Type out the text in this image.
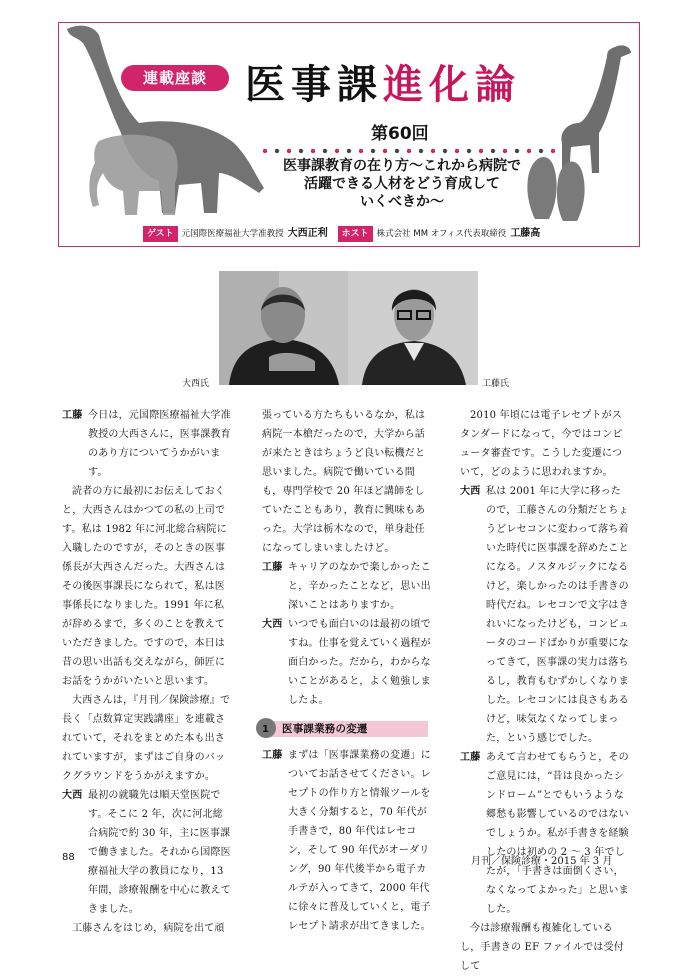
連載座談 医事課進化論
第60回
医事課教育の在り方〜これから病院で
活躍できる人材をどう育成して
いくべきか〜
ゲスト 元国際医療福祉大学准教授 大西正利 ホスト 株式会社 MM オフィス代表取締役 工藤高
大西氏	工藤氏

工藤 今日は，元国際医療福祉大学准教授の大西さんに，医事課教育のあり方についてうかがいます。

読者の方に最初にお伝えしておくと，大西さんはかつての私の上司です。私は 1982 年に河北総合病院に入職したのですが，そのときの医事係長が大西さんだった。大西さんはその後医事課長になられて，私は医事係長になりました。1991 年に私が辞めるまで，多くのことを教えていただきました。ですので，本日は昔の思い出話も交えながら，師匠にお話をうかがいたいと思います。

大西さんは，『月刊／保険診療』で長く「点数算定実践講座」を連載されていて，それをまとめた本も出されていますが，まずはご自身のバックグラウンドをうかがえますか。

大西 最初の就職先は順天堂医院です。そこに 2 年，次に河北総合病院で約 30 年，主に医事課で働きました。それから国際医療福祉大学の教員になり，13 年間，診療報酬を中心に教えてきました。

工藤さんをはじめ，病院を出て頑

張っている方たちもいるなか，私は病院一本槍だったので，大学から話が来たときはちょうど良い転機だと思いました。病院で働いている間も，専門学校で 20 年ほど講師をしていたこともあり，教育に興味もあった。大学は栃木なので，単身赴任になってしまいましたけど。

工藤 キャリアのなかで楽しかったこと，辛かったことなど，思い出深いことはありますか。

大西 いつでも面白いのは最初の頃ですね。仕事を覚えていく過程が面白かった。だから，わからないことがあると，よく勉強しましたよ。

1 医事課業務の変遷

工藤 まずは「医事課業務の変遷」についてお話させてください。レセプトの作り方と情報ツールを大きく分類すると，70 年代が手書きで，80 年代はレセコン，そして 90 年代がオーダリング，90 年代後半から電子カルテが入ってきて，2000 年代に徐々に普及していくと，電子レセプト請求が出てきました。

2010 年頃には電子レセプトがスタンダードになって，今ではコンピュータ審査です。こうした変遷について，どのように思われますか。

大西 私は 2001 年に大学に移ったので，工藤さんの分類だとちょうどレセコンに変わって落ち着いた時代に医事課を辞めたことになる。ノスタルジックになるけど，楽しかったのは手書きの時代だね。レセコンで文字はきれいになったけども，コンピュータのコードばかりが重要になってきて，医事課の実力は落ちるし，教育もむずかしくなりました。レセコンには良さもあるけど，味気なくなってしまった，という感じでした。

工藤 あえて言わせてもらうと，そのご意見には，“昔は良かったシンドローム”とでもいうような郷愁も影響しているのではないでしょうか。私が手書きを経験したのは初めの 2 〜 3 年でしたが，「手書きは面倒くさい，なくなってよかった」と思いました。

今は診療報酬も複雑化しているし，手書きの EF ファイルでは受付して

88	月刊／保険診療・2015 年 3 月
